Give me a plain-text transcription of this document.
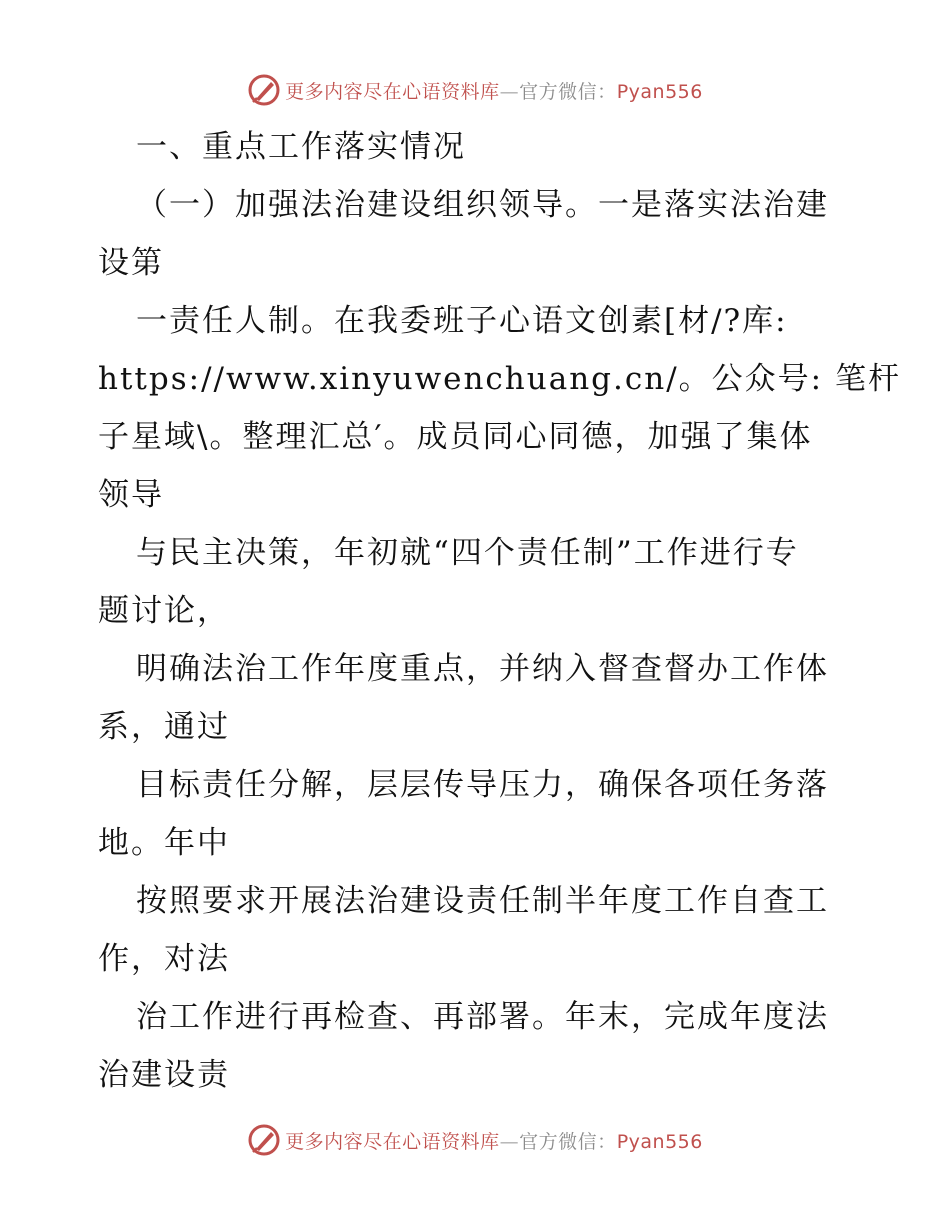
更多内容尽在心语资料库—官方微信：Pyan556
一、重点工作落实情况
（一）加强法治建设组织领导。一是落实法治建
设第
一责任人制。在我委班子心语文创素[材/?库:
https://www.xinyuwenchuang.cn/。公众号: 笔杆
子星域\。整理汇总′。成员同心同德，加强了集体
领导
与民主决策，年初就“四个责任制”工作进行专
题讨论，
明确法治工作年度重点，并纳入督查督办工作体
系，通过
目标责任分解，层层传导压力，确保各项任务落
地。年中
按照要求开展法治建设责任制半年度工作自查工
作，对法
治工作进行再检查、再部署。年末，完成年度法
治建设责
更多内容尽在心语资料库—官方微信：Pyan556
